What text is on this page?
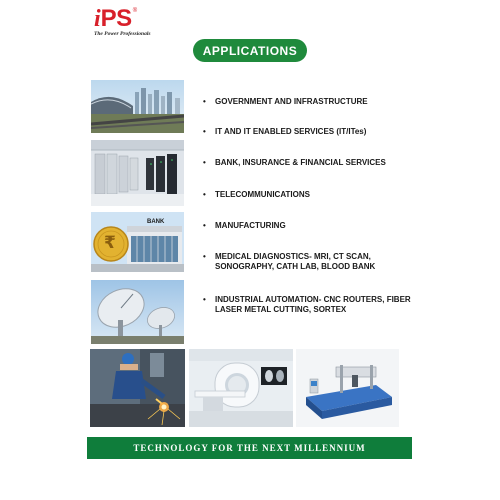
i PS ®
The Power Professionals
APPLICATIONS
BANK
₹
• GOVERNMENT AND INFRASTRUCTURE
• IT AND IT ENABLED SERVICES (IT/ITes)
• BANK, INSURANCE & FINANCIAL SERVICES
• TELECOMMUNICATIONS
• MANUFACTURING
• MEDICAL DIAGNOSTICS- MRI, CT SCAN, SONOGRAPHY, CATH LAB, BLOOD BANK
• INDUSTRIAL AUTOMATION- CNC ROUTERS, FIBER LASER METAL CUTTING, SORTEX
TECHNOLOGY FOR THE NEXT MILLENNIUM
